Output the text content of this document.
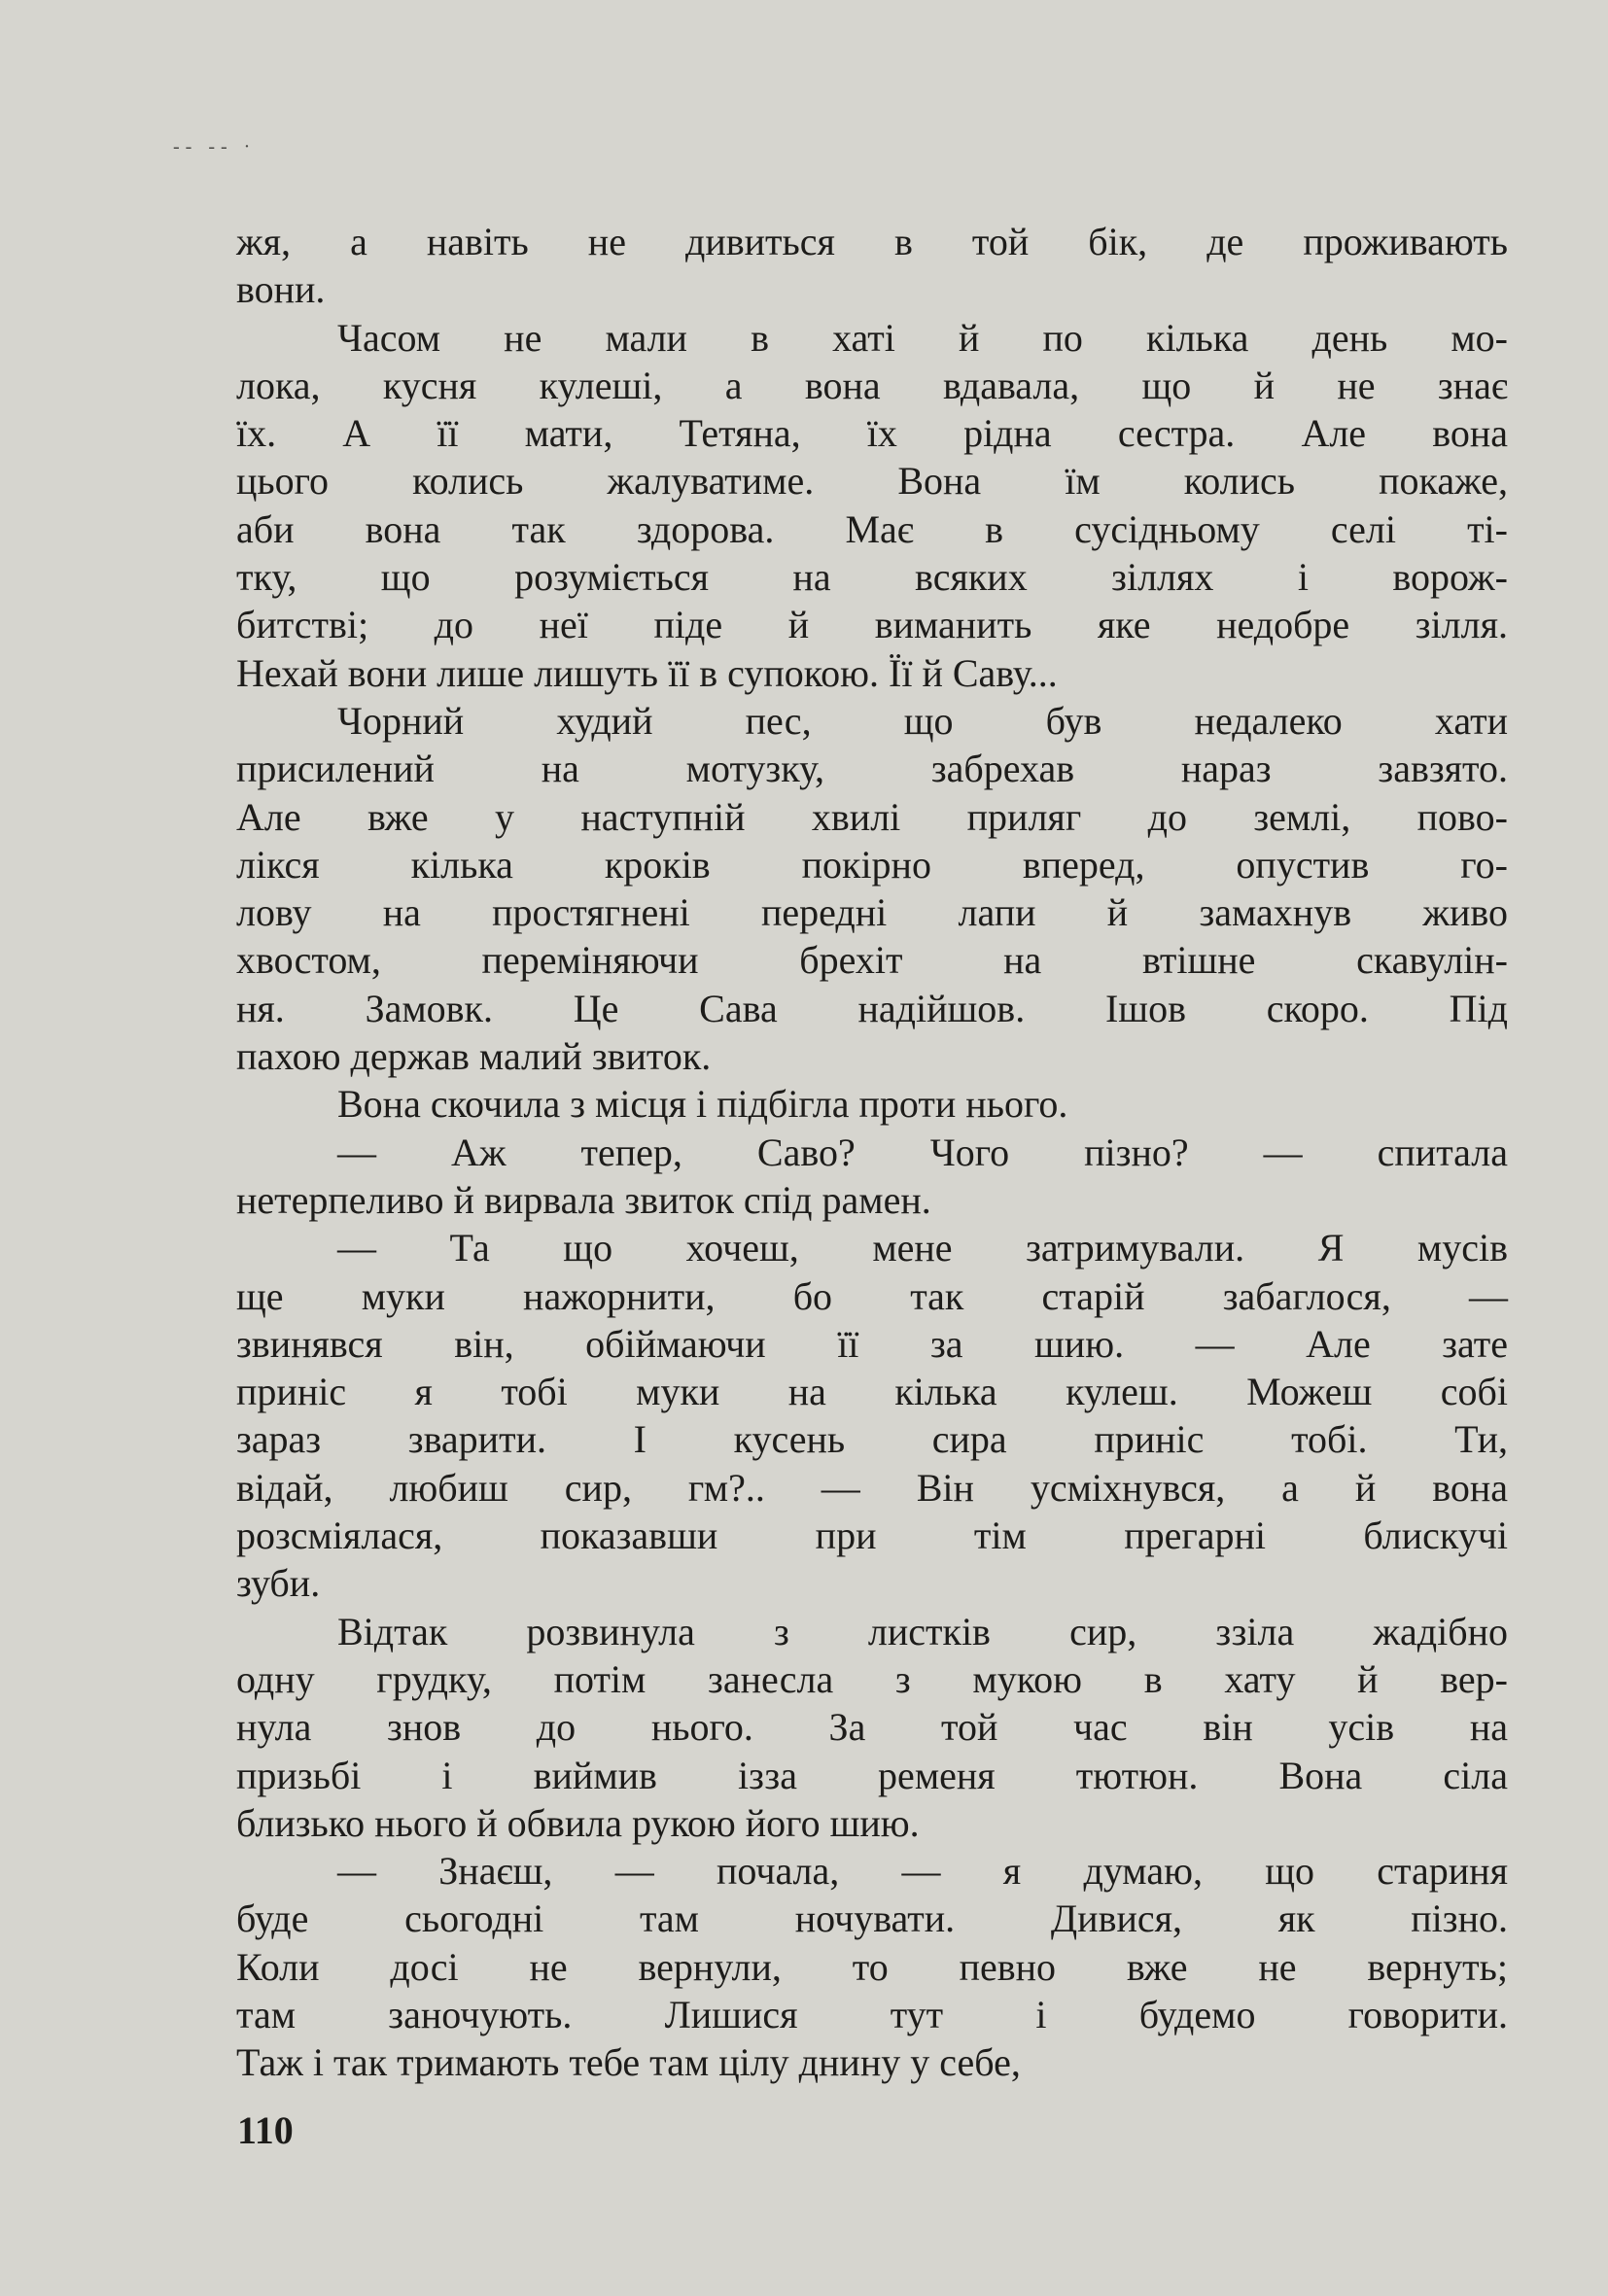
-- -- ·
жя, а навіть не дивиться в той бік, де проживають
вони.
Часом не мали в хаті й по кілька день мо-
лока, кусня кулеші, а вона вдавала, що й не знає
їх. А її мати, Тетяна, їх рідна сестра. Але вона
цього колись жалуватиме. Вона їм колись покаже,
аби вона так здорова. Має в сусідньому селі ті-
тку, що розуміється на всяких зіллях і ворож-
битстві; до неї піде й виманить яке недобре зілля.
Нехай вони лише лишуть її в супокою. Її й Саву...
Чорний худий пес, що був недалеко хати
присилений на мотузку, забрехав нараз завзято.
Але вже у наступній хвилі приляг до землі, пово-
лікся кілька кроків покірно вперед, опустив го-
лову на простягнені передні лапи й замахнув живо
хвостом, переміняючи брехіт на втішне скавулін-
ня. Замовк. Це Сава надійшов. Ішов скоро. Під
пахою держав малий звиток.
Вона скочила з місця і підбігла проти нього.
— Аж тепер, Саво? Чого пізно? — спитала
нетерпеливо й вирвала звиток спід рамен.
— Та що хочеш, мене затримували. Я мусів
ще муки нажорнити, бо так старій забаглося, —
звинявся він, обіймаючи її за шию. — Але зате
приніс я тобі муки на кілька кулеш. Можеш собі
зараз зварити. І кусень сира приніс тобі. Ти,
відай, любиш сир, гм?.. — Він усміхнувся, а й вона
розсміялася, показавши при тім прегарні блискучі
зуби.
Відтак розвинула з листків сир, ззіла жадібно
одну грудку, потім занесла з мукою в хату й вер-
нула знов до нього. За той час він усів на
призьбі і виймив ізза ременя тютюн. Вона сіла
близько нього й обвила рукою його шию.
— Знаєш, — почала, — я думаю, що стариня
буде сьогодні там ночувати. Дивися, як пізно.
Коли досі не вернули, то певно вже не вернуть;
там заночують. Лишися тут і будемо говорити.
Таж і так тримають тебе там цілу днину у себе,
110
